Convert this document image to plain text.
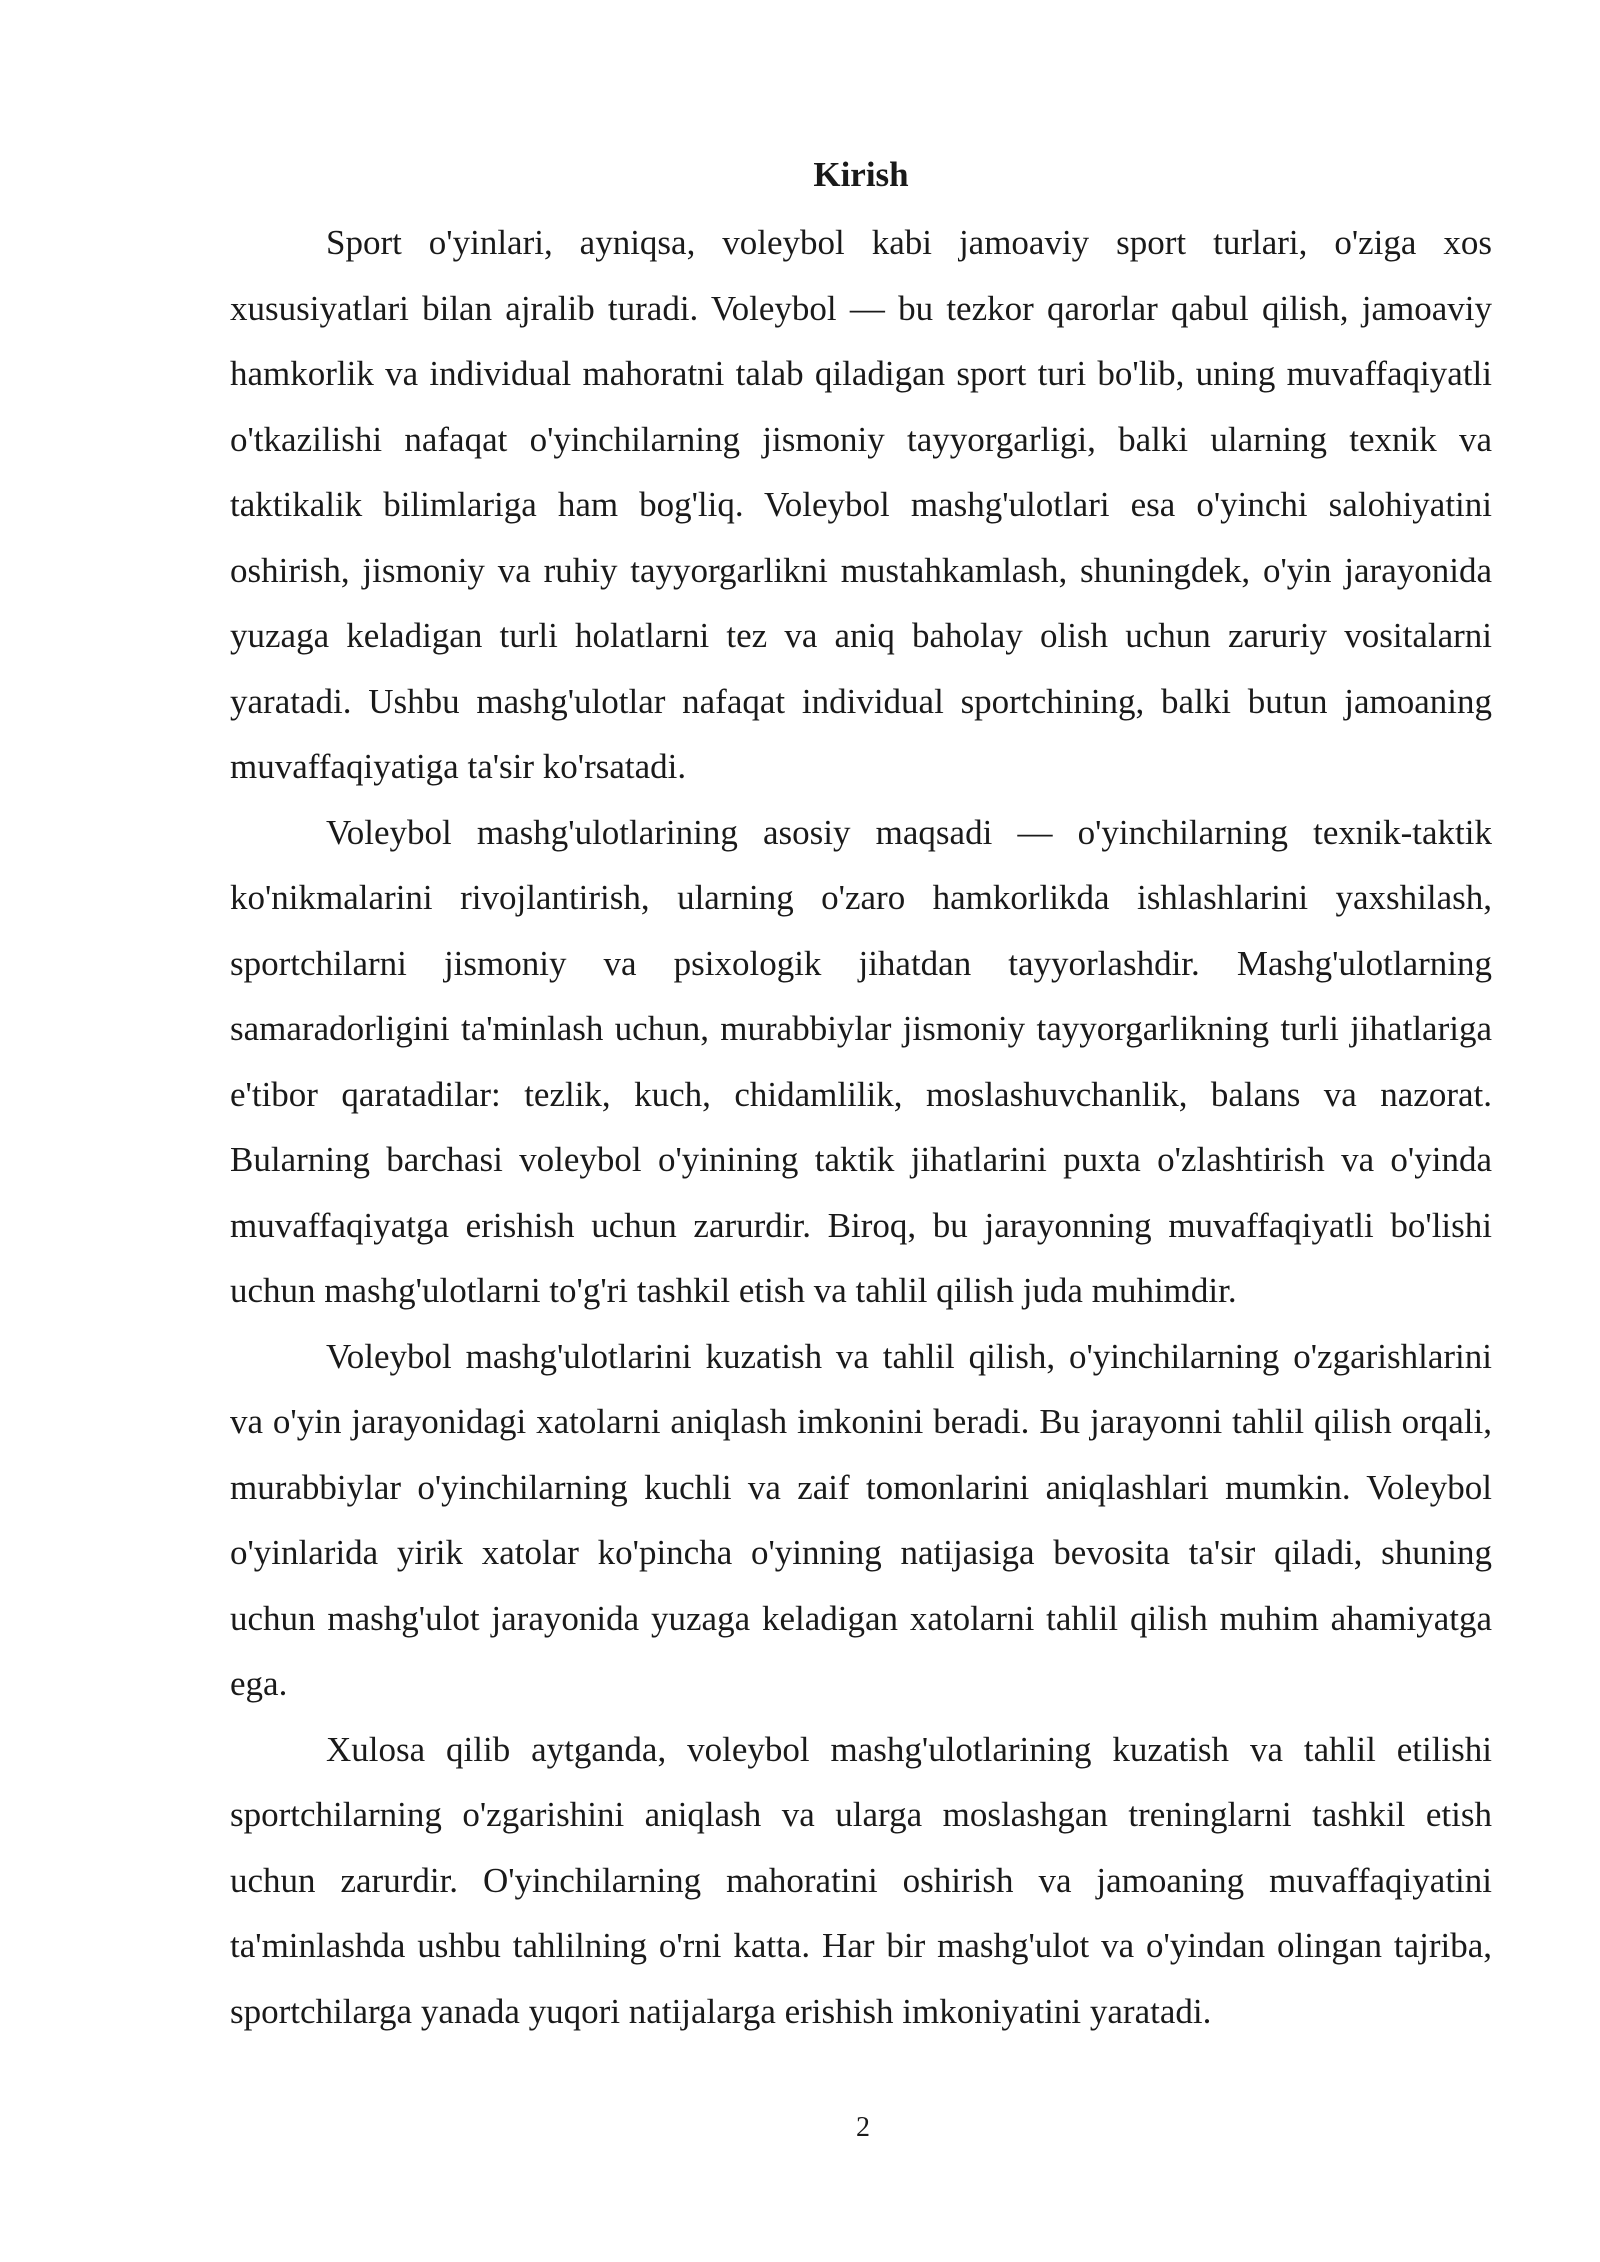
Kirish

Sport o'yinlari, ayniqsa, voleybol kabi jamoaviy sport turlari, o'ziga xos xususiyatlari bilan ajralib turadi. Voleybol — bu tezkor qarorlar qabul qilish, jamoaviy hamkorlik va individual mahoratni talab qiladigan sport turi bo'lib, uning muvaffaqiyatli o'tkazilishi nafaqat o'yinchilarning jismoniy tayyorgarligi, balki ularning texnik va taktikalik bilimlariga ham bog'liq. Voleybol mashg'ulotlari esa o'yinchi salohiyatini oshirish, jismoniy va ruhiy tayyorgarlikni mustahkamlash, shuningdek, o'yin jarayonida yuzaga keladigan turli holatlarni tez va aniq baholay olish uchun zaruriy vositalarni yaratadi. Ushbu mashg'ulotlar nafaqat individual sportchining, balki butun jamoaning muvaffaqiyatiga ta'sir ko'rsatadi.

Voleybol mashg'ulotlarining asosiy maqsadi — o'yinchilarning texnik-taktik ko'nikmalarini rivojlantirish, ularning o'zaro hamkorlikda ishlashlarini yaxshilash, sportchilarni jismoniy va psixologik jihatdan tayyorlashdir. Mashg'ulotlarning samaradorligini ta'minlash uchun, murabbiylar jismoniy tayyorgarlikning turli jihatlariga e'tibor qaratadilar: tezlik, kuch, chidamlilik, moslashuvchanlik, balans va nazorat. Bularning barchasi voleybol o'yinining taktik jihatlarini puxta o'zlashtirish va o'yinda muvaffaqiyatga erishish uchun zarurdir. Biroq, bu jarayonning muvaffaqiyatli bo'lishi uchun mashg'ulotlarni to'g'ri tashkil etish va tahlil qilish juda muhimdir.

Voleybol mashg'ulotlarini kuzatish va tahlil qilish, o'yinchilarning o'zgarishlarini va o'yin jarayonidagi xatolarni aniqlash imkonini beradi. Bu jarayonni tahlil qilish orqali, murabbiylar o'yinchilarning kuchli va zaif tomonlarini aniqlashlari mumkin. Voleybol o'yinlarida yirik xatolar ko'pincha o'yinning natijasiga bevosita ta'sir qiladi, shuning uchun mashg'ulot jarayonida yuzaga keladigan xatolarni tahlil qilish muhim ahamiyatga ega.

Xulosa qilib aytganda, voleybol mashg'ulotlarining kuzatish va tahlil etilishi sportchilarning o'zgarishini aniqlash va ularga moslashgan treninglarni tashkil etish uchun zarurdir. O'yinchilarning mahoratini oshirish va jamoaning muvaffaqiyatini ta'minlashda ushbu tahlilning o'rni katta. Har bir mashg'ulot va o'yindan olingan tajriba, sportchilarga yanada yuqori natijalarga erishish imkoniyatini yaratadi.

2
